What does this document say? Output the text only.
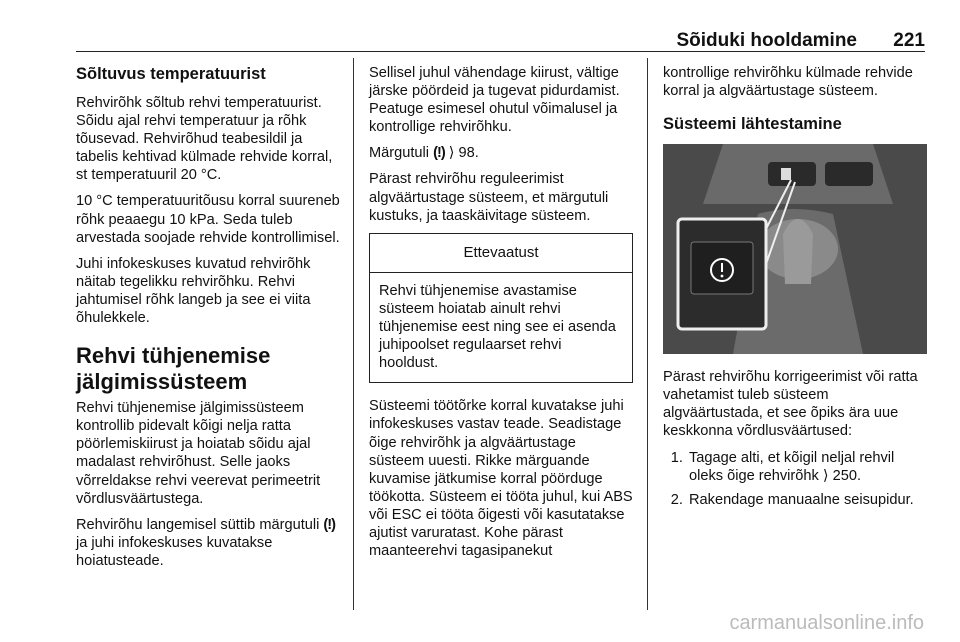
Sõiduki hooldamine 221
Sõltuvus temperatuurist

Rehvirõhk sõltub rehvi temperatuurist. Sõidu ajal rehvi temperatuur ja rõhk tõusevad. Rehvirõhud teabesildil ja tabelis kehtivad külmade rehvide korral, st temperatuuril 20 °C.

10 °C temperatuuritõusu korral suureneb rõhk peaaegu 10 kPa. Seda tuleb arvestada soojade rehvide kontrollimisel.

Juhi infokeskuses kuvatud rehvirõhk näitab tegelikku rehvirõhku. Rehvi jahtumisel rõhk langeb ja see ei viita õhulekkele.

Rehvi tühjenemise jälgimissüsteem

Rehvi tühjenemise jälgimissüsteem kontrollib pidevalt kõigi nelja ratta pöörlemiskiirust ja hoiatab sõidu ajal madalast rehvirõhust. Selle jaoks võrreldakse rehvi veerevat perimeetrit võrdlusväärtustega.

Rehvirõhu langemisel süttib märgutuli (!) ja juhi infokeskuses kuvatakse hoiatusteade.

Sellisel juhul vähendage kiirust, vältige järske pöördeid ja tugevat pidurdamist. Peatuge esimesel ohutul võimalusel ja kontrollige rehvirõhku.

Märgutuli (!) ⟩ 98.

Pärast rehvirõhu reguleerimist algväärtustage süsteem, et märgutuli kustuks, ja taaskäivitage süsteem.

Ettevaatust
Rehvi tühjenemise avastamise süsteem hoiatab ainult rehvi tühjenemise eest ning see ei asenda juhipoolset regulaarset rehvi hooldust.

Süsteemi töötõrke korral kuvatakse juhi infokeskuses vastav teade. Seadistage õige rehvirõhk ja algväärtustage süsteem uuesti. Rikke märguande kuvamise jätkumise korral pöörduge töökotta. Süsteem ei tööta juhul, kui ABS või ESC ei tööta õigesti või kasutatakse ajutist varuratast. Kohe pärast maanteerehvi tagasipanekut

kontrollige rehvirõhku külmade rehvide korral ja algväärtustage süsteem.

Süsteemi lähtestamine

Pärast rehvirõhu korrigeerimist või ratta vahetamist tuleb süsteem algväärtustada, et see õpiks ära uue keskkonna võrdlusväärtused:

1. Tagage alti, et kõigil neljal rehvil oleks õige rehvirõhk ⟩ 250.
2. Rakendage manuaalne seisupidur.
carmanualsonline.info
